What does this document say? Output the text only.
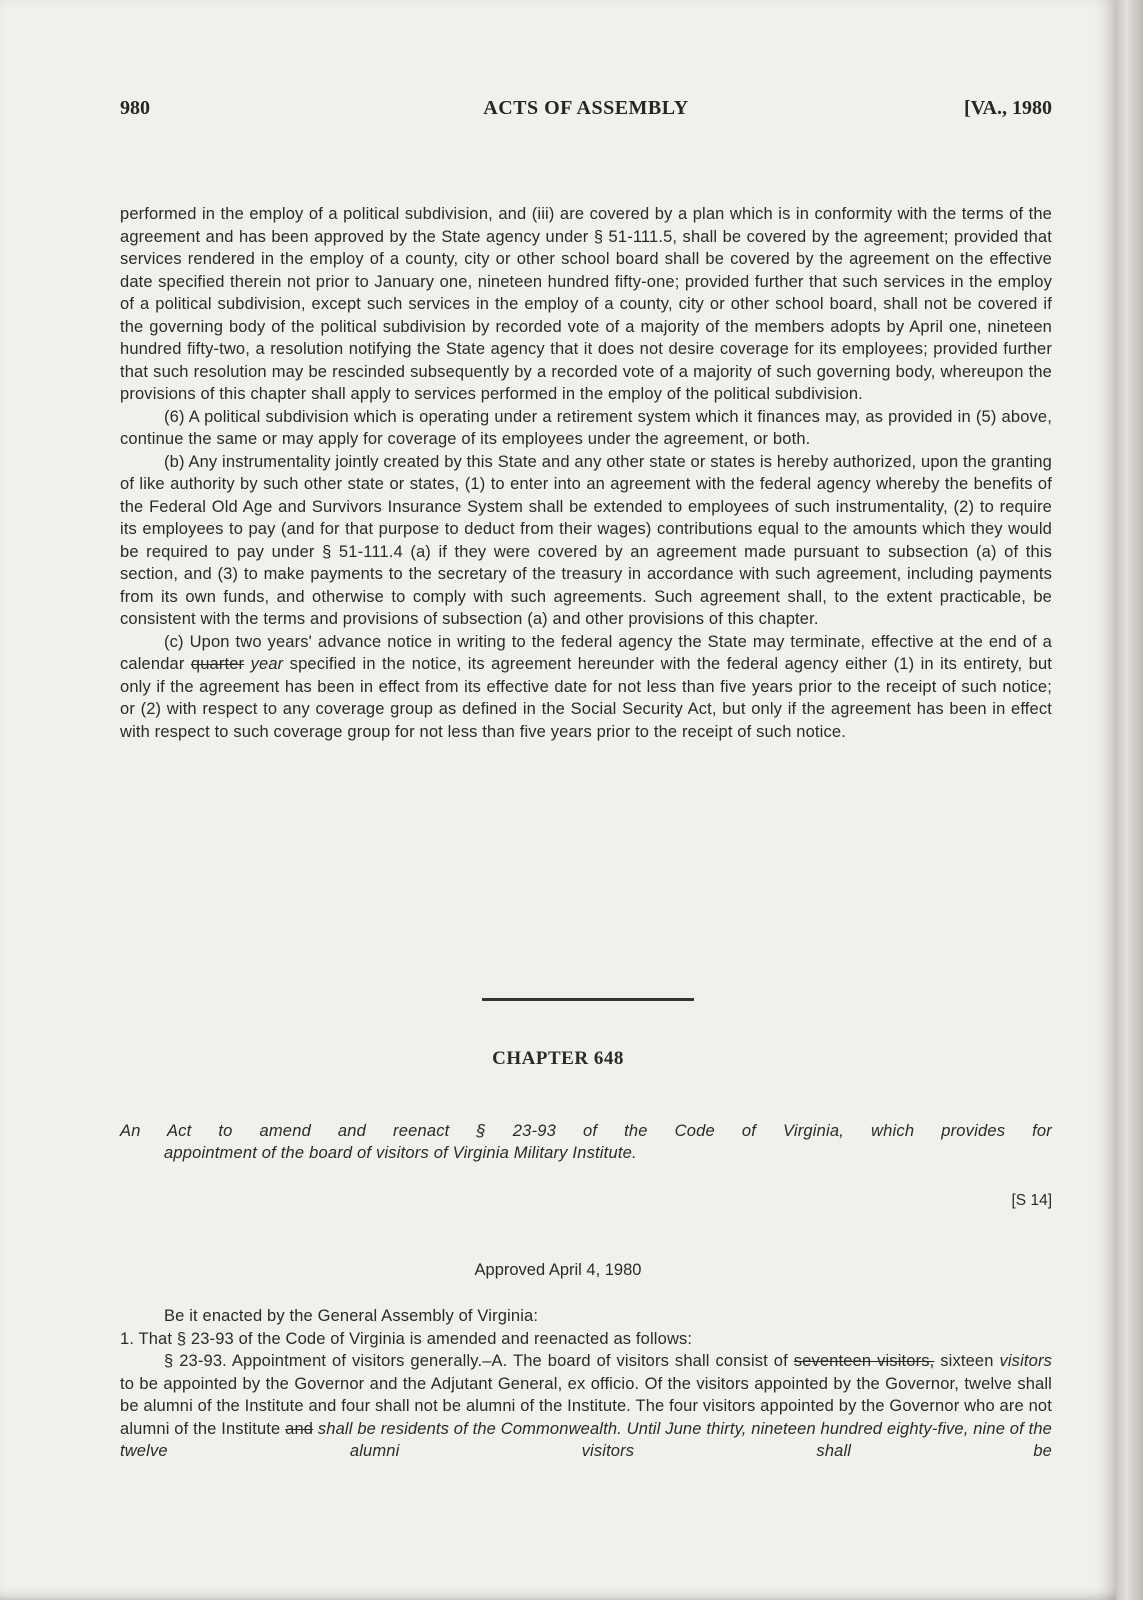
980	ACTS OF ASSEMBLY	[VA., 1980

performed in the employ of a political subdivision, and (iii) are covered by a plan which is in conformity with the terms of the agreement and has been approved by the State agency under § 51-111.5, shall be covered by the agreement; provided that services rendered in the employ of a county, city or other school board shall be covered by the agreement on the effective date specified therein not prior to January one, nineteen hundred fifty-one; provided further that such services in the employ of a political subdivision, except such services in the employ of a county, city or other school board, shall not be covered if the governing body of the political subdivision by recorded vote of a majority of the members adopts by April one, nineteen hundred fifty-two, a resolution notifying the State agency that it does not desire coverage for its employees; provided further that such resolution may be rescinded subsequently by a recorded vote of a majority of such governing body, whereupon the provisions of this chapter shall apply to services performed in the employ of the political subdivision.

(6) A political subdivision which is operating under a retirement system which it finances may, as provided in (5) above, continue the same or may apply for coverage of its employees under the agreement, or both.

(b) Any instrumentality jointly created by this State and any other state or states is hereby authorized, upon the granting of like authority by such other state or states, (1) to enter into an agreement with the federal agency whereby the benefits of the Federal Old Age and Survivors Insurance System shall be extended to employees of such instrumentality, (2) to require its employees to pay (and for that purpose to deduct from their wages) contributions equal to the amounts which they would be required to pay under § 51-111.4 (a) if they were covered by an agreement made pursuant to subsection (a) of this section, and (3) to make payments to the secretary of the treasury in accordance with such agreement, including payments from its own funds, and otherwise to comply with such agreements. Such agreement shall, to the extent practicable, be consistent with the terms and provisions of subsection (a) and other provisions of this chapter.

(c) Upon two years' advance notice in writing to the federal agency the State may terminate, effective at the end of a calendar quarter year specified in the notice, its agreement hereunder with the federal agency either (1) in its entirety, but only if the agreement has been in effect from its effective date for not less than five years prior to the receipt of such notice; or (2) with respect to any coverage group as defined in the Social Security Act, but only if the agreement has been in effect with respect to such coverage group for not less than five years prior to the receipt of such notice.

CHAPTER 648
An Act to amend and reenact § 23-93 of the Code of Virginia, which provides for
appointment of the board of visitors of Virginia Military Institute.
[S 14]
Approved April 4, 1980

Be it enacted by the General Assembly of Virginia:

1. That § 23-93 of the Code of Virginia is amended and reenacted as follows:

§ 23-93. Appointment of visitors generally.–A. The board of visitors shall consist of seventeen visitors, sixteen visitors to be appointed by the Governor and the Adjutant General, ex officio. Of the visitors appointed by the Governor, twelve shall be alumni of the Institute and four shall not be alumni of the Institute. The four visitors appointed by the Governor who are not alumni of the Institute and shall be residents of the Commonwealth. Until June thirty, nineteen hundred eighty-five, nine of the twelve alumni visitors shall be
